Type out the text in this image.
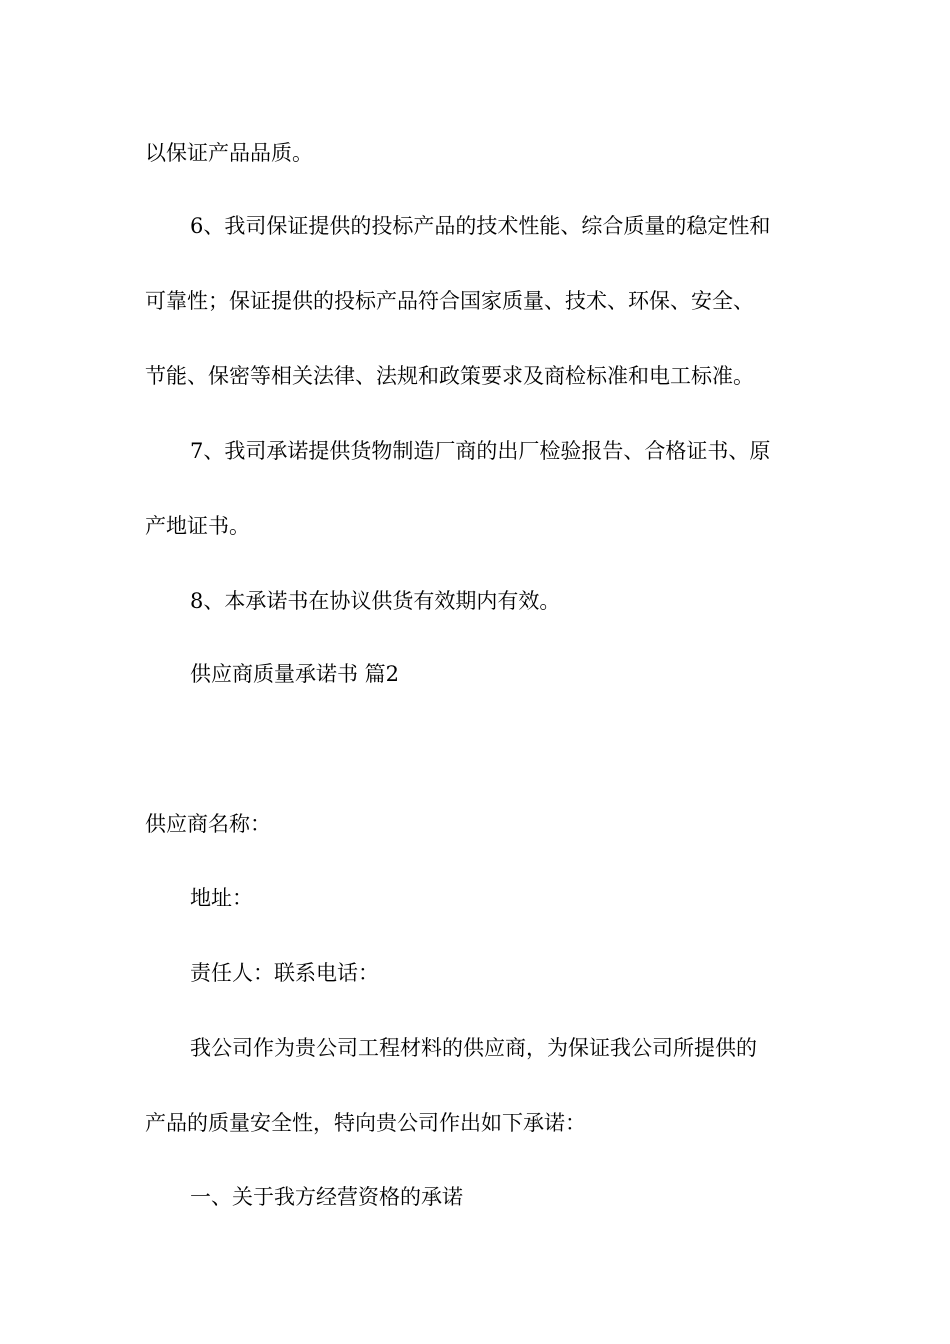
以保证产品品质。

6、我司保证提供的投标产品的技术性能、综合质量的稳定性和

可靠性；保证提供的投标产品符合国家质量、技术、环保、安全、

节能、保密等相关法律、法规和政策要求及商检标准和电工标准。

7、我司承诺提供货物制造厂商的出厂检验报告、合格证书、原

产地证书。

8、本承诺书在协议供货有效期内有效。

供应商质量承诺书 篇2

供应商名称：

地址：

责任人：联系电话：

我公司作为贵公司工程材料的供应商，为保证我公司所提供的

产品的质量安全性，特向贵公司作出如下承诺：

一、关于我方经营资格的承诺
